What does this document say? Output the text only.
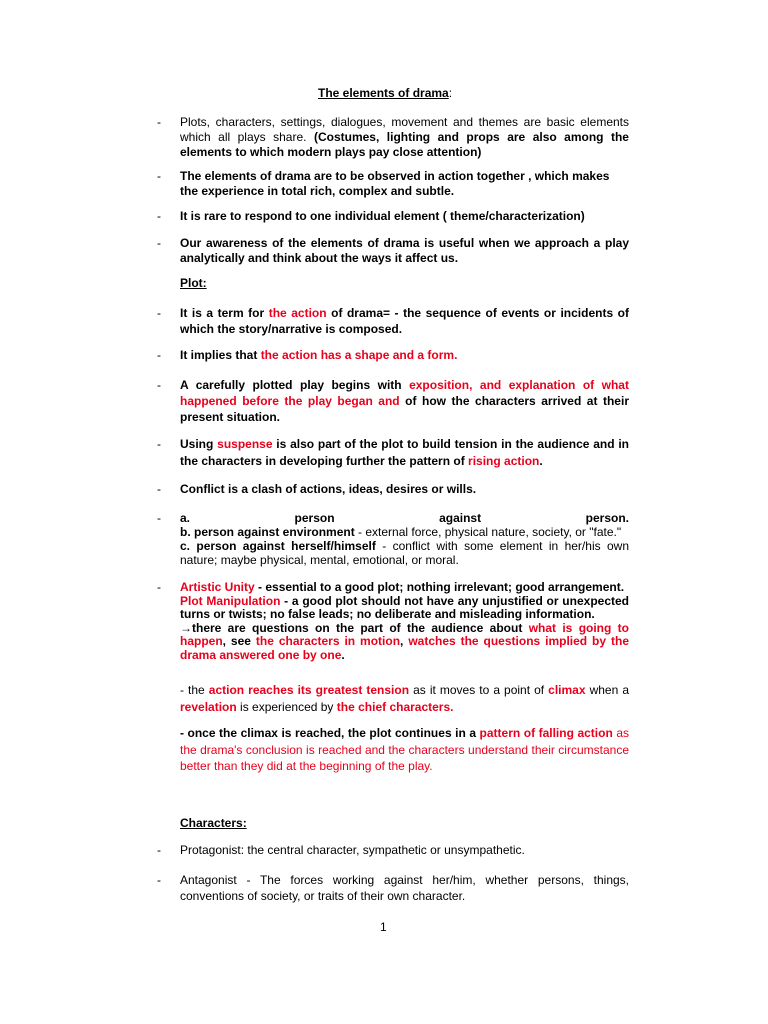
The elements of drama:
- Plots, characters, settings, dialogues, movement and themes are basic elements which all plays share. (Costumes, lighting and props are also among the elements to which modern plays pay close attention)
- The elements of drama are to be observed in action together , which makes the experience in total rich, complex and subtle.
- It is rare to respond to one individual element ( theme/characterization)
- Our awareness of the elements of drama is useful when we approach a play analytically and think about the ways it affect us.
Plot:
- It is a term for the action of drama= - the sequence of events or incidents of which the story/narrative is composed.
- It implies that the action has a shape and a form.
- A carefully plotted play begins with exposition, and explanation of what happened before the play began and of how the characters arrived at their present situation.
- Using suspense is also part of the plot to build tension in the audience and in the characters in developing further the pattern of rising action.
- Conflict is a clash of actions, ideas, desires or wills.
- a.	person	against	person.
b. person against environment - external force, physical nature, society, or "fate."
c. person against herself/himself - conflict with some element in her/his own nature; maybe physical, mental, emotional, or moral.
- Artistic Unity - essential to a good plot; nothing irrelevant; good arrangement.
Plot Manipulation - a good plot should not have any unjustified or unexpected turns or twists; no false leads; no deliberate and misleading information.
→there are questions on the part of the audience about what is going to happen, see the characters in motion, watches the questions implied by the drama answered one by one.
- the action reaches its greatest tension as it moves to a point of climax when a revelation is experienced by the chief characters.
- once the climax is reached, the plot continues in a pattern of falling action as the drama's conclusion is reached and the characters understand their circumstance better than they did at the beginning of the play.
Characters:
- Protagonist: the central character, sympathetic or unsympathetic.
- Antagonist - The forces working against her/him, whether persons, things, conventions of society, or traits of their own character.
1
